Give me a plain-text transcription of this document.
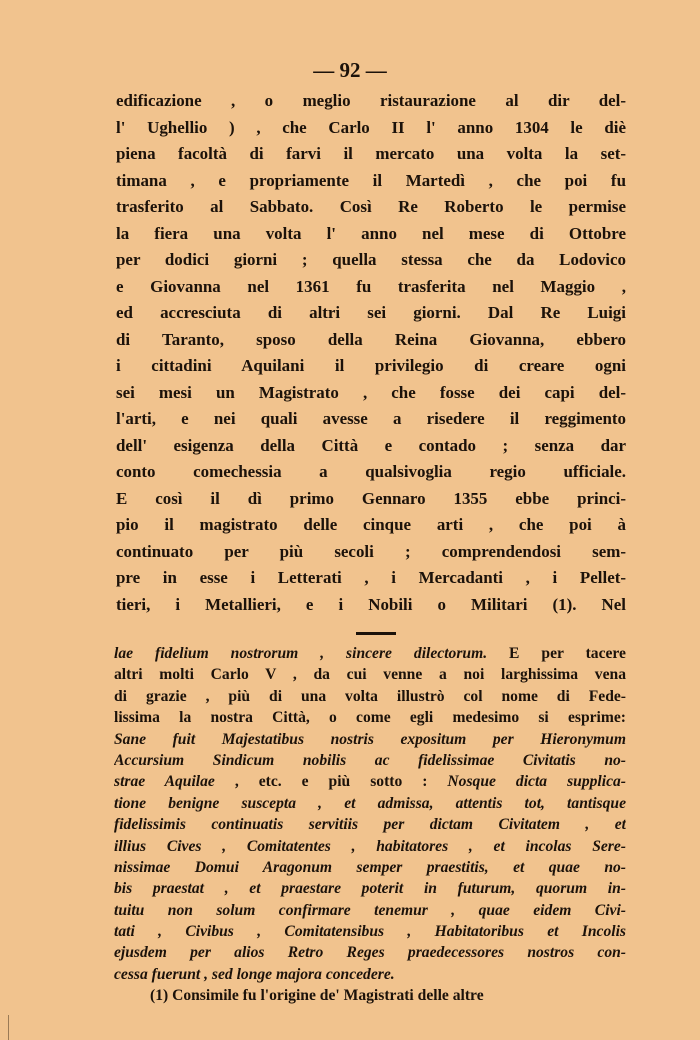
— 92 —
edificazione , o meglio ristaurazione al dir del-
l' Ughellio ) , che Carlo II l' anno 1304 le diè
piena facoltà di farvi il mercato una volta la set-
timana , e propriamente il Martedì , che poi fu
trasferito al Sabbato. Così Re Roberto le permise
la fiera una volta l' anno nel mese di Ottobre
per dodici giorni ; quella stessa che da Lodovico
e Giovanna nel 1361 fu trasferita nel Maggio ,
ed accresciuta di altri sei giorni. Dal Re Luigi
di Taranto, sposo della Reina Giovanna, ebbero
i cittadini Aquilani il privilegio di creare ogni
sei mesi un Magistrato , che fosse dei capi del-
l'arti, e nei quali avesse a risedere il reggimento
dell' esigenza della Città e contado ; senza dar
conto comechessia a qualsivoglia regio ufficiale.
E così il dì primo Gennaro 1355 ebbe princi-
pio il magistrato delle cinque arti , che poi à
continuato per più secoli ; comprendendosi sem-
pre in esse i Letterati , i Mercadanti , i Pellet-
tieri, i Metallieri, e i Nobili o Militari (1). Nel
lae fidelium nostrorum , sincere dilectorum. E per tacere
altri molti Carlo V , da cui venne a noi larghissima vena
di grazie , più di una volta illustrò col nome di Fede-
lissima la nostra Città, o come egli medesimo si esprime:
Sane fuit Majestatibus nostris expositum per Hieronymum
Accursium Sindicum nobilis ac fidelissimae Civitatis no-
strae Aquilae , etc. e più sotto : Nosque dicta supplica-
tione benigne suscepta , et admissa, attentis tot, tantisque
fidelissimis continuatis servitiis per dictam Civitatem , et
illius Cives , Comitatentes , habitatores , et incolas Sere-
nissimae Domui Aragonum semper praestitis, et quae no-
bis praestat , et praestare poterit in futurum, quorum in-
tuitu non solum confirmare tenemur , quae eidem Civi-
tati , Civibus , Comitatensibus , Habitatoribus et Incolis
ejusdem per alios Retro Reges praedecessores nostros con-
cessa fuerunt , sed longe majora concedere.
(1) Consimile fu l'origine de' Magistrati delle altre
